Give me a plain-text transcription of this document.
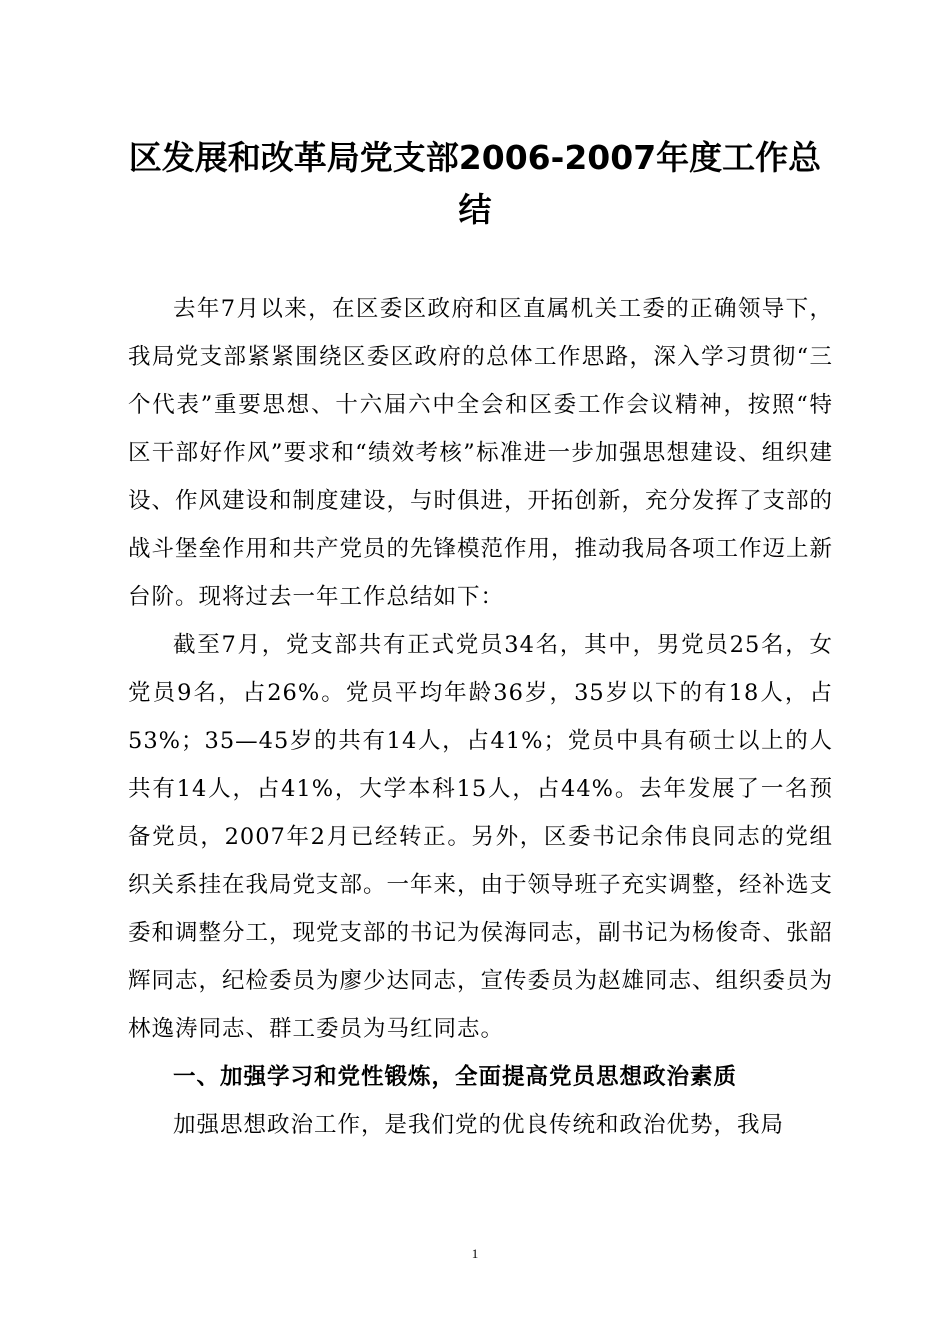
区发展和改革局党支部2006-2007年度工作总
结

去年7月以来，在区委区政府和区直属机关工委的正确领导下，我局党支部紧紧围绕区委区政府的总体工作思路，深入学习贯彻“三个代表”重要思想、十六届六中全会和区委工作会议精神，按照“特区干部好作风”要求和“绩效考核”标准进一步加强思想建设、组织建设、作风建设和制度建设，与时俱进，开拓创新，充分发挥了支部的战斗堡垒作用和共产党员的先锋模范作用，推动我局各项工作迈上新台阶。现将过去一年工作总结如下：

截至7月，党支部共有正式党员34名，其中，男党员25名，女党员9名，占26%。党员平均年龄36岁，35岁以下的有18人，占53%；35—45岁的共有14人，占41%；党员中具有硕士以上的人共有14人，占41%，大学本科15人，占44%。去年发展了一名预备党员，2007年2月已经转正。另外，区委书记余伟良同志的党组织关系挂在我局党支部。一年来，由于领导班子充实调整，经补选支委和调整分工，现党支部的书记为侯海同志，副书记为杨俊奇、张韶辉同志，纪检委员为廖少达同志，宣传委员为赵雄同志、组织委员为林逸涛同志、群工委员为马红同志。

一、加强学习和党性锻炼，全面提高党员思想政治素质

加强思想政治工作，是我们党的优良传统和政治优势，我局

1
